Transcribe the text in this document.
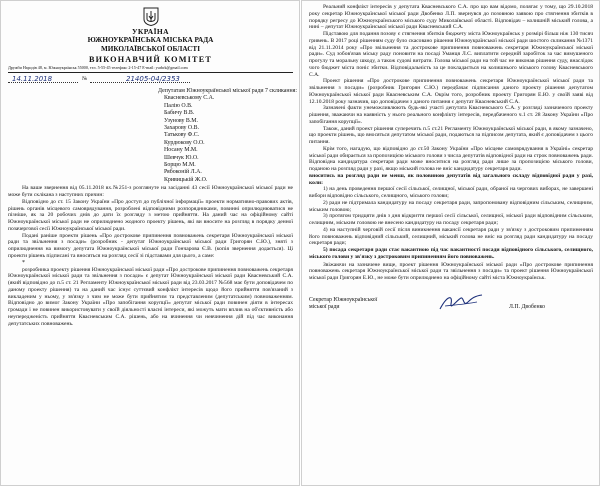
УКРАЇНА
ЮЖНОУКРАЇНСЬКА МІСЬКА РАДА
МИКОЛАЇВСЬКОЇ ОБЛАСТІ
ВИКОНАВЧИЙ КОМІТЕТ
Дружби Народів 48, м. Южноукраїнськ 55000, тел. 5-55-45 телефакс 2-15-47 E-mail: yurbrk@gmail.com
14.11.2018	№	21405-04/2353
Депутатам Южноукраїнської міської ради 7 скликання:
Квасневському С.А.
Палію О.В.
Бабичу В.В.
Узунову В.М.
Захарову О.В.
Татькову Ф.С.
Курдюкову О.О.
Носану М.М.
Шевчук Ю.О.
Борцю М.М.
Рябоконій Л.А.
Кривицькій Ж.О.

На ваше звернення від 05.11.2018 вх.№251-з розглянуте на засіданні 43 сесії Южноукраїнської міської ради не може бути склікана з наступних причин:

Відповідно до ст. 15 Закону України «Про доступ до публічної інформації» проекти нормативно-правових актів, рішень органів місцевого самоврядування, розроблені відповідними розпорядниками, повинні оприлюднюватися не пізніше, як за 20 робочих днів до дати їх розгляду з метою прийняття. На даний час на офіційному сайті Южноукраїнської міської ради не оприлюднено жодного проекту рішень, які ви вносите на розгляд в порядку денної позачергової сесії Южноукраїнської міської ради.

Подані раніше проекти рішень «Про дострокове припинення повноважень секретаря Южноукраїнської міської ради та звільнення з посади» (розробник - депутат Южноукраїнської міської ради Григорян С.Ю.), зняті з оприлюднення на вимогу депутата Южноукраїнської міської ради Гончарова Є.В. (копія звернення додається). Ці проекти рішень підписані та вносяться на розгляд сесії зі підставами для цього, а саме:

*

розробника проекту рішення Южноукраїнської міської ради «Про дострокове припинення повноважень секретаря Южноукраїнської міської ради та звільнення з посади» є депутат Южноукраїнської міської ради Квасневський С.А. (який відповідно до п.5 ст. 21 Регламенту Южноукраїнської міської ради від 23.03.2017 №568 має бути доповідачем по даному проекту рішення) та на даний час існує суттєвий конфлікт інтересів щодо його прийняття пов'язаний з викладеним у ньому, у зв'язку з чим не може бути прийнятим та представленим (депутатським) повноваженням. Відповідно до вимог Закону України «Про запобігання корупції» депутат міської ради повинен діяти в інтересах громади і не повинен використовувати у своїй діяльності власні інтереси, які можуть мати вплив на об'єктивність або неупередженість прийняття Квасневським С.А. рішень, або на вчинення чи невчинення дій під час виконання депутатських повноважень.

Реальний конфлікт інтересів у депутата Квасневського С.А. про що вам відомо, полягає у тому, що 29.10.2018 року секретар Южноукраїнської міської ради Двобенко Л.П. звернувся до позовною заявою про стягнення збитків в порядку регресу до Южноукраїнського міського суду Миколаївської області. Відповідач – колишній міський голова, а нині – депутат Южноукраїнської міської ради Квасневський С.А.

Підставою для подання позову є стягнення збитків бюджету міста Южноукраїнськ у розмірі більш ніж 130 тисяч гривень. В 2017 році рішенням суду було скасовано рішення Южноукраїнської міської ради шостого скликання №1371 від 21.11.2014 року «Про звільнення та дострокове припинення повноважень секретаря Южноукраїнської міської ради». Суд зобов'язав міську раду поновити на посаді Уманця Л.С. виплатити середній заробіток за час вимушеного прогулу та моральну шкоду, а також судові витрати. Голова міської ради на той час не виконав рішення суду, внаслідок чого бюджет міста поніс збитки. Відповідальність за це покладається на колишнього міського голову Квасневського С.А.

Проект рішення «Про дострокове припинення повноважень секретаря Южноукраїнської міської ради та звільнення з посади» (розробник Григорян С.Ю.) передбачає підписання даного проекту рішення депутатом Южноукраїнської міської ради Квасневським С.А. Окрім того, розробник проекту Григорян Е.Ю. у своїй заяві від 12.10.2018 року зазначив, що доповідачем з даного питання є депутат Квасневський С.А.

Зазначені факти унеможливлюють будь-які участі депутата Квасневського С.А. у розгляді зазначеного проекту рішення, зважаючи на наявність у нього реального конфлікту інтересів, передбаченого ч.1 ст. 28 Закону України «Про запобігання корупції».

Також, даний проект рішення суперечить п.5 ст.21 Регламенту Южноукраїнської міської ради, в якому зазначено, що проекти рішень, що вносяться депутатом міської ради, подаються за підписом депутата, який є доповідачем з цього питання.

Крім того, нагадую, що відповідно до ст.50 Закону України «Про місцеве самоврядування в Україні» секретар міської ради обирається за пропозицією міського голови з числа депутатів відповідної ради на строк повноважень ради. Відповідна кандидатура секретаря ради може вноситися на розгляд ради лише за пропозицією міського голови, поданою на розгляд ради у разі, якщо міський голова не вніс кандидатуру секретаря ради.

вноситись на розгляд ради не менш, як половиною депутатів від загального складу відповідної ради у разі, коли:

1) на день проведення першої сесії сільської, селищної, міської ради, обраної на чергових виборах, не завершені вибори відповідно сільського, селищного, міського голови;

2) ради не підтримала кандидатуру на посаду секретаря ради, запропоновану відповідним сільським, селищним, міським головою;

3) протягом тридцяти днів з дня відкриття першої сесії сільської, селищної, міської ради відповідним сільським, селищним, міським головою не внесено кандидатуру на посаду секретаря ради;

4) на наступній черговій сесії після виникнення вакансії секретаря ради у зв'язку з достроковим припиненням його повноважень відповідний сільський, селищний, міський голова не вніс на розгляд ради кандидатуру на посаду секретаря ради;

5) посада секретаря ради стає вакантною під час вакантності посади відповідного сільського, селищного, міського голови у зв'язку з достроковим припиненням його повноважень.

Звіжаючи на зазначене вище, проект рішення Южноукраїнської міської ради «Про дострокове припинення повноважень секретаря Южноукраїнської міської ради та звільнення з посади» та проект рішення Южноукраїнської міської ради Григорян Е.Ю., не може бути оприлюднено на офіційному сайті міста Южноукраїнськ.

Секретар Южноукраїнської
міської ради	Л.П. Двобенко
